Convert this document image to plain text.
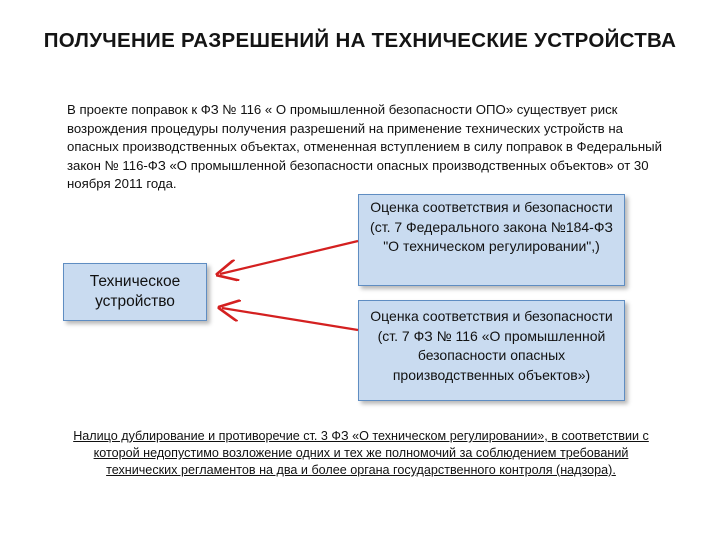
ПОЛУЧЕНИЕ РАЗРЕШЕНИЙ НА ТЕХНИЧЕСКИЕ УСТРОЙСТВА
В проекте поправок к ФЗ № 116 « О промышленной безопасности ОПО» существует риск возрождения процедуры получения разрешений на применение технических устройств на опасных производственных объектах, отмененная вступлением в силу поправок в Федеральный закон № 116-ФЗ «О промышленной безопасности опасных производственных объектов» от 30 ноября 2011 года.
Техническое устройство
Оценка соответствия и безопасности (ст. 7 Федерального закона №184-ФЗ "О техническом регулировании",)
Оценка соответствия и безопасности (ст. 7 ФЗ № 116 «О промышленной безопасности опасных производственных объектов»)
Налицо дублирование и противоречие ст. 3 ФЗ «О техническом регулировании», в соответствии с которой недопустимо возложение одних и тех же полномочий за соблюдением требований технических регламентов на два и более органа государственного контроля (надзора).
